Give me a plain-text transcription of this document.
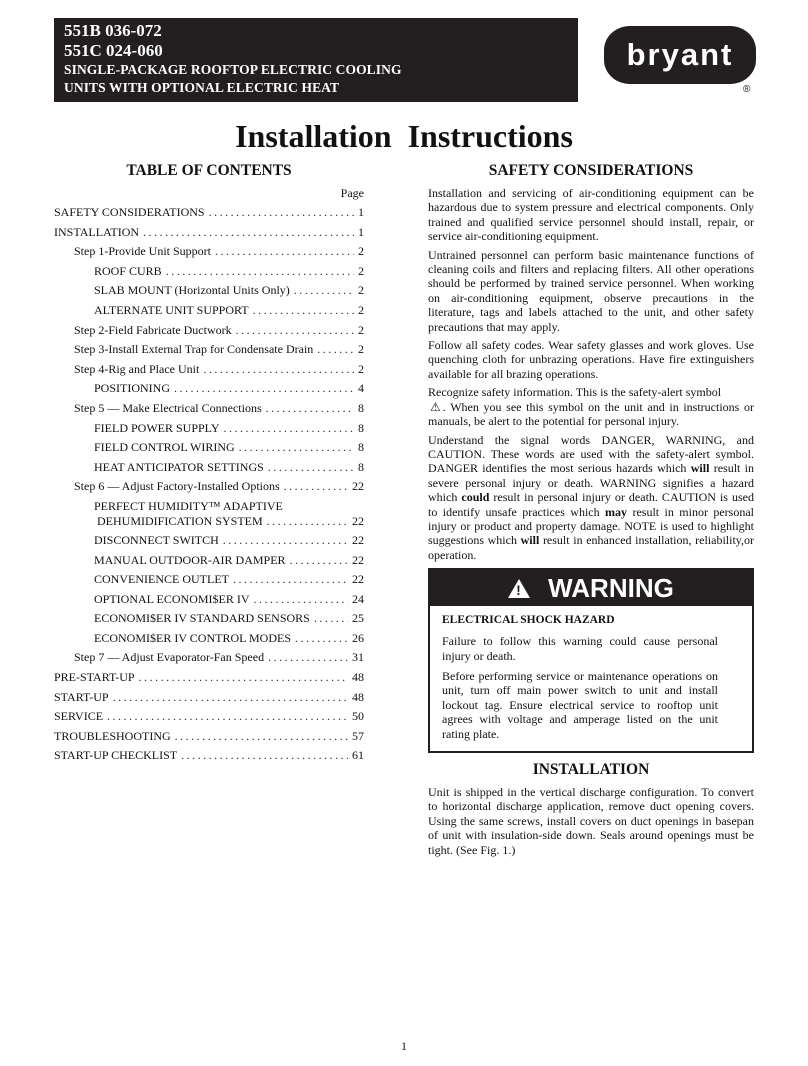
551B 036-072
551C 024-060
SINGLE-PACKAGE ROOFTOP ELECTRIC COOLING
UNITS WITH OPTIONAL ELECTRIC HEAT
bryant
®
Installation Instructions
TABLE OF CONTENTS
Page
SAFETY CONSIDERATIONS .....	1
INSTALLATION .....	1
Step 1-Provide Unit Support .....	2
ROOF CURB .....	2
SLAB MOUNT (Horizontal Units Only) .....	2
ALTERNATE UNIT SUPPORT .....	2
Step 2-Field Fabricate Ductwork .....	2
Step 3-Install External Trap for Condensate Drain .....	2
Step 4-Rig and Place Unit .....	2
POSITIONING .....	4
Step 5 — Make Electrical Connections .....	8
FIELD POWER SUPPLY .....	8
FIELD CONTROL WIRING .....	8
HEAT ANTICIPATOR SETTINGS .....	8
Step 6 — Adjust Factory-Installed Options .....	22
PERFECT HUMIDITY™ ADAPTIVE
DEHUMIDIFICATION SYSTEM .....	22
DISCONNECT SWITCH .....	22
MANUAL OUTDOOR-AIR DAMPER .....	22
CONVENIENCE OUTLET .....	22
OPTIONAL ECONOMI$ER IV .....	24
ECONOMI$ER IV STANDARD SENSORS .....	25
ECONOMI$ER IV CONTROL MODES .....	26
Step 7 — Adjust Evaporator-Fan Speed .....	31
PRE-START-UP .....	48
START-UP .....	48
SERVICE .....	50
TROUBLESHOOTING .....	57
START-UP CHECKLIST .....	61
SAFETY CONSIDERATIONS

Installation and servicing of air-conditioning equipment can be hazardous due to system pressure and electrical components. Only trained and qualified service personnel should install, repair, or service air-conditioning equipment.

Untrained personnel can perform basic maintenance functions of cleaning coils and filters and replacing filters. All other operations should be performed by trained service personnel. When working on air-conditioning equipment, observe precautions in the literature, tags and labels attached to the unit, and other safety precautions that may apply.

Follow all safety codes. Wear safety glasses and work gloves. Use quenching cloth for unbrazing operations. Have fire extinguishers available for all brazing operations.

Recognize safety information. This is the safety-alert symbol
⚠ . When you see this symbol on the unit and in instructions or manuals, be alert to the potential for personal injury.

Understand the signal words DANGER, WARNING, and CAUTION. These words are used with the safety-alert symbol. DANGER identifies the most serious hazards which will result in severe personal injury or death. WARNING signifies a hazard which could result in personal injury or death. CAUTION is used to identify unsafe practices which may result in minor personal injury or product and property damage. NOTE is used to highlight suggestions which will result in enhanced installation, reliability,or operation.

! WARNING
ELECTRICAL SHOCK HAZARD

Failure to follow this warning could cause personal injury or death.

Before performing service or maintenance operations on unit, turn off main power switch to unit and install lockout tag. Ensure electrical service to rooftop unit agrees with voltage and amperage listed on the unit rating plate.

INSTALLATION

Unit is shipped in the vertical discharge configuration. To convert to horizontal discharge application, remove duct opening covers. Using the same screws, install covers on duct openings in basepan of unit with insulation-side down. Seals around openings must be tight. (See Fig. 1.)

1
